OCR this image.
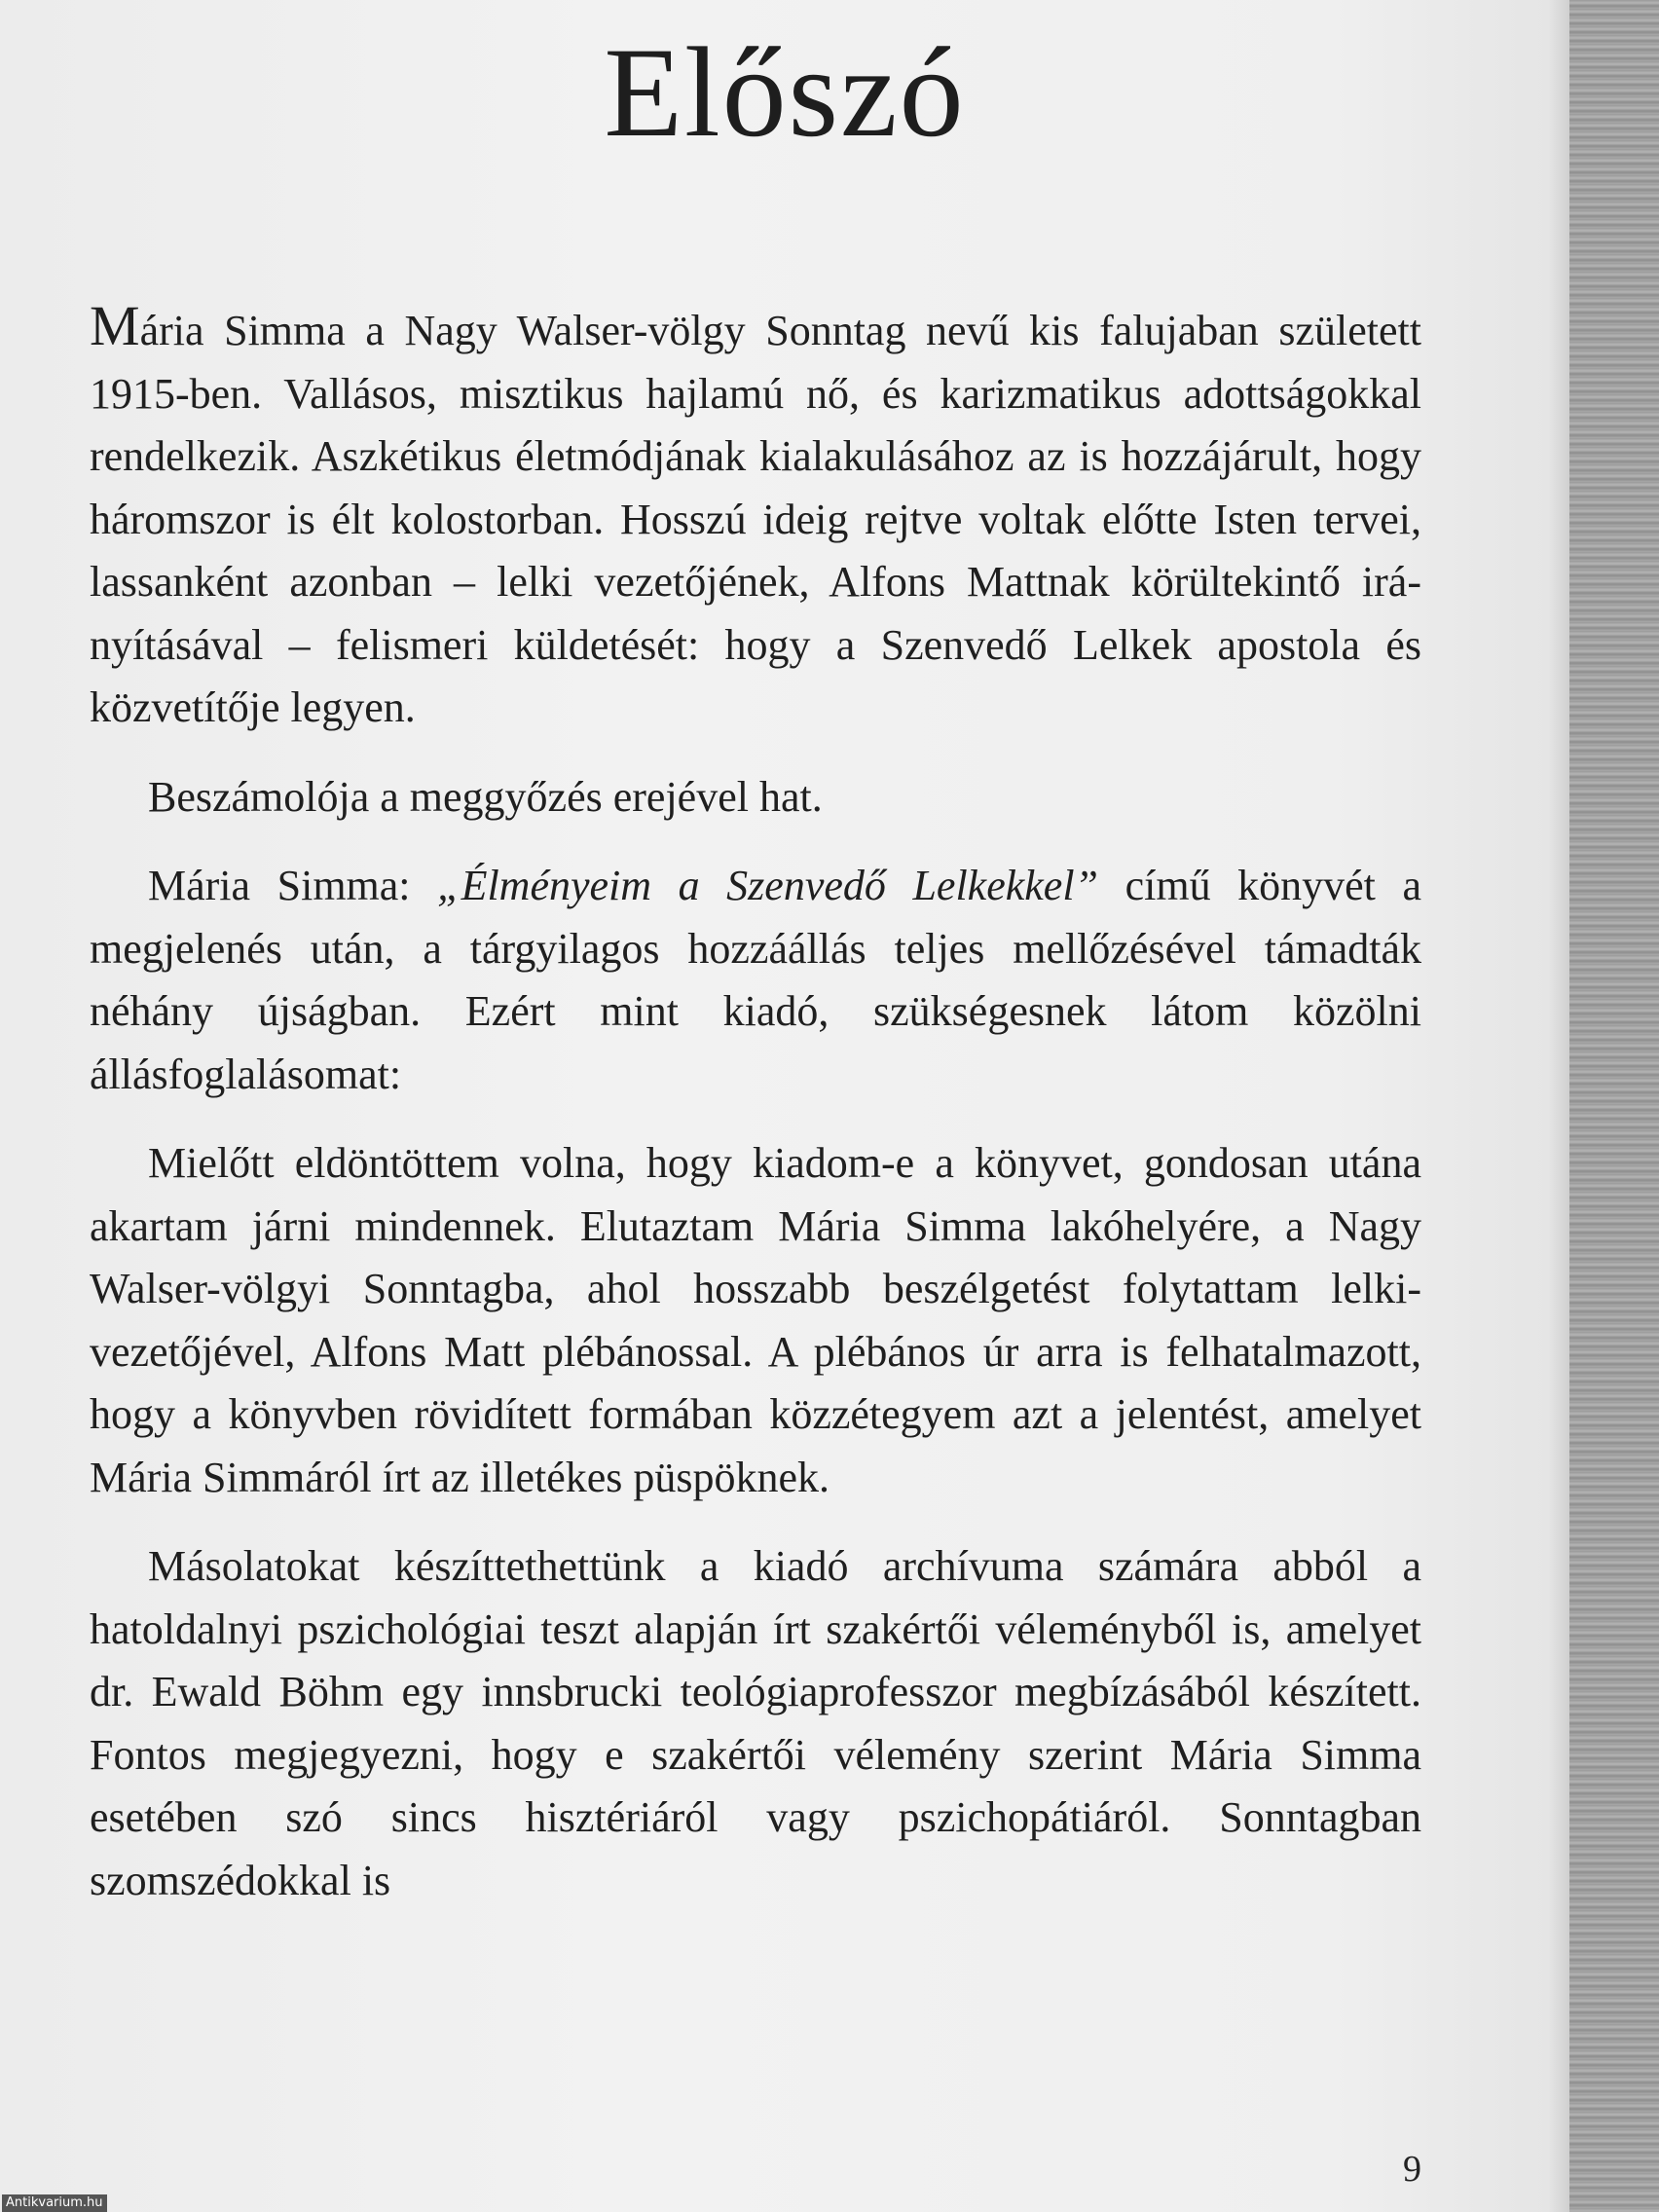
Előszó

Mária Simma a Nagy Walser-völgy Sonntag nevű kis falujaban született 1915-ben. Vallásos, misztikus hajlamú nő, és karizmatikus adottságokkal rendelkezik. Aszkétikus életmódjának kialakulásához az is hozzájárult, hogy háromszor is élt kolostorban. Hosszú ideig rejtve voltak előtte Isten tervei, lassanként azonban – lelki vezetőjének, Alfons Mattnak körültekintő irányításával – felismeri küldetését: hogy a Szenvedő Lelkek apostola és közvetítője legyen.

Beszámolója a meggyőzés erejével hat.

Mária Simma: „Élményeim a Szenvedő Lelkekkel” című könyvét a megjelenés után, a tárgyilagos hozzáállás teljes mellőzésével támadták néhány újságban. Ezért mint kiadó, szükségesnek látom közölni állásfoglalásomat:

Mielőtt eldöntöttem volna, hogy kiadom-e a könyvet, gondosan utána akartam járni mindennek. Elutaztam Mária Simma lakóhelyére, a Nagy Walser-völgyi Sonntagba, ahol hosszabb beszélgetést folytattam lelki-vezetőjével, Alfons Matt plébánossal. A plébános úr arra is felhatalmazott, hogy a könyvben rövidített formában közzétegyem azt a jelentést, amelyet Mária Simmáról írt az illetékes püspöknek.

Másolatokat készíttethettünk a kiadó archívuma számára abból a hatoldalnyi pszichológiai teszt alapján írt szakértői véleményből is, amelyet dr. Ewald Böhm egy innsbrucki teológiaprofesszor megbízásából készített. Fontos megjegyezni, hogy e szakértői vélemény szerint Mária Simma esetében szó sincs hisztériáról vagy pszichopátiáról. Sonntagban szomszédokkal is

9
Antikvarium.hu
